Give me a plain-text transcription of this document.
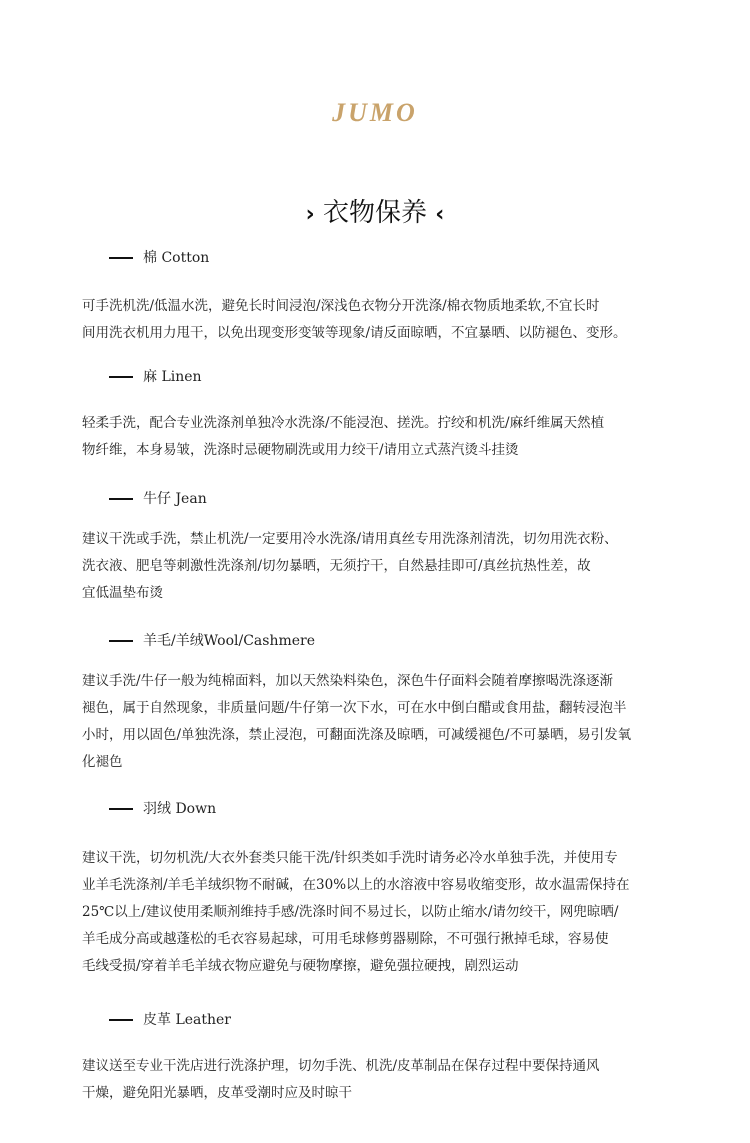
JUMO
› 衣物保养 ‹
棉 Cotton
可手洗机洗/低温水洗，避免长时间浸泡/深浅色衣物分开洗涤/棉衣物质地柔软,不宜长时
间用洗衣机用力甩干，以免出现变形变皱等现象/请反面晾晒，不宜暴晒、以防褪色、变形。
麻 Linen
轻柔手洗，配合专业洗涤剂单独冷水洗涤/不能浸泡、搓洗。拧绞和机洗/麻纤维属天然植
物纤维，本身易皱，洗涤时忌硬物刷洗或用力绞干/请用立式蒸汽烫斗挂烫
牛仔 Jean
建议干洗或手洗，禁止机洗/一定要用冷水洗涤/请用真丝专用洗涤剂清洗，切勿用洗衣粉、
洗衣液、肥皂等刺激性洗涤剂/切勿暴晒，无须拧干，自然悬挂即可/真丝抗热性差，故
宜低温垫布烫
羊毛/羊绒Wool/Cashmere
建议手洗/牛仔一般为纯棉面料，加以天然染料染色，深色牛仔面料会随着摩擦喝洗涤逐渐
褪色，属于自然现象，非质量问题/牛仔第一次下水，可在水中倒白醋或食用盐，翻转浸泡半
小时，用以固色/单独洗涤，禁止浸泡，可翻面洗涤及晾晒，可减缓褪色/不可暴晒，易引发氧
化褪色
羽绒 Down
建议干洗，切勿机洗/大衣外套类只能干洗/针织类如手洗时请务必冷水单独手洗，并使用专
业羊毛洗涤剂/羊毛羊绒织物不耐碱，在30%以上的水溶液中容易收缩变形，故水温需保持在
25℃以上/建议使用柔顺剂维持手感/洗涤时间不易过长，以防止缩水/请勿绞干，网兜晾晒/
羊毛成分高或越蓬松的毛衣容易起球，可用毛球修剪器剔除，不可强行揪掉毛球，容易使
毛线受损/穿着羊毛羊绒衣物应避免与硬物摩擦，避免强拉硬拽，剧烈运动
皮革 Leather
建议送至专业干洗店进行洗涤护理，切勿手洗、机洗/皮革制品在保存过程中要保持通风
干燥，避免阳光暴晒，皮革受潮时应及时晾干
